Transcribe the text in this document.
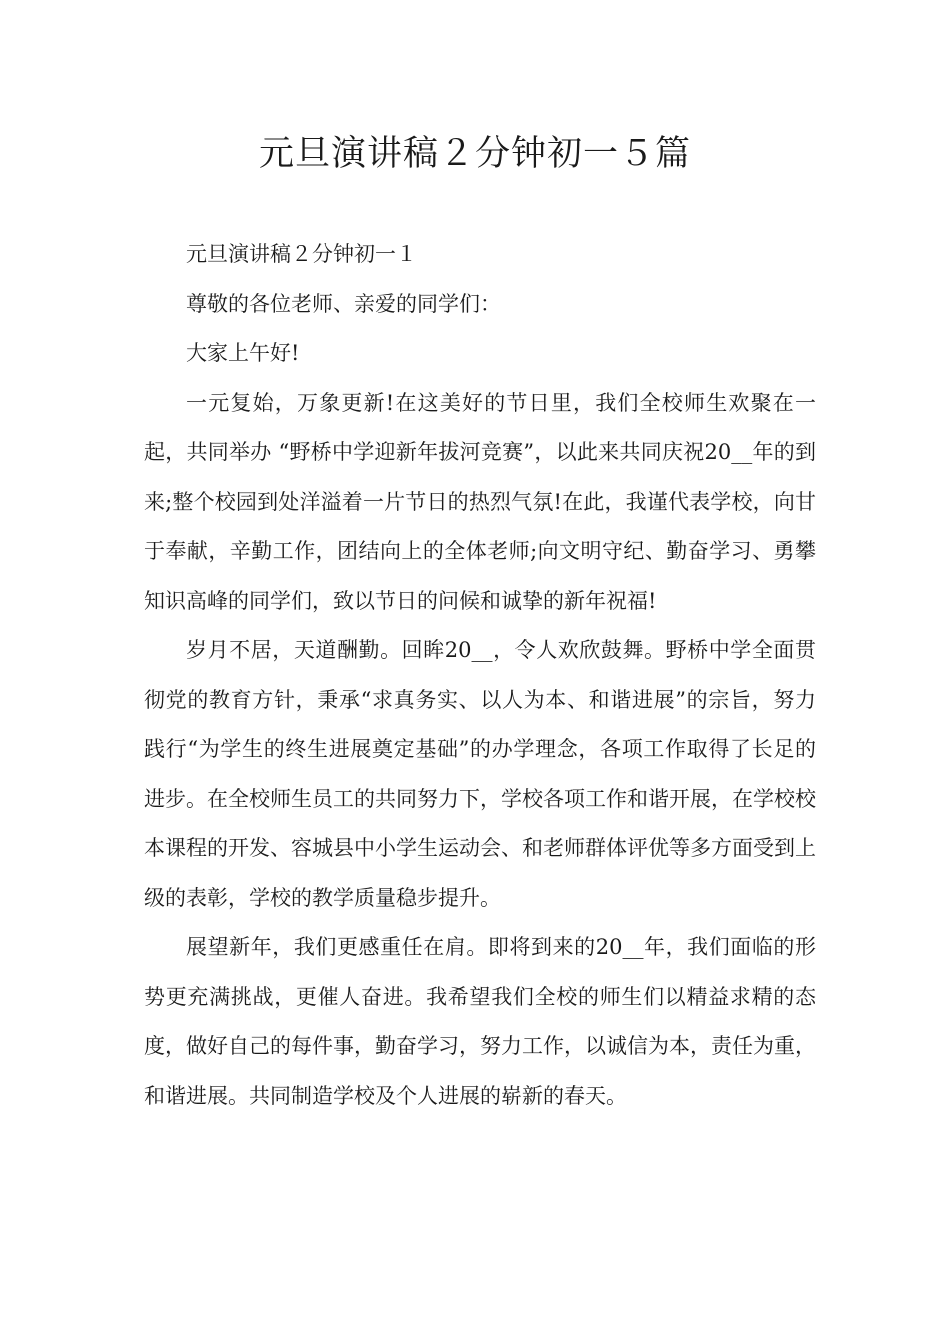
元旦演讲稿２分钟初一５篇

元旦演讲稿２分钟初一１

尊敬的各位老师、亲爱的同学们：

大家上午好!

一元复始，万象更新!在这美好的节日里，我们全校师生欢聚在一起，共同举办 “野桥中学迎新年拔河竞赛”，以此来共同庆祝20__年的到来;整个校园到处洋溢着一片节日的热烈气氛!在此，我谨代表学校，向甘于奉献，辛勤工作，团结向上的全体老师;向文明守纪、勤奋学习、勇攀知识高峰的同学们，致以节日的问候和诚挚的新年祝福!

岁月不居，天道酬勤。回眸20__，令人欢欣鼓舞。野桥中学全面贯彻党的教育方针，秉承“求真务实、以人为本、和谐进展”的宗旨，努力践行“为学生的终生进展奠定基础”的办学理念，各项工作取得了长足的进步。在全校师生员工的共同努力下，学校各项工作和谐开展，在学校校本课程的开发、容城县中小学生运动会、和老师群体评优等多方面受到上级的表彰，学校的教学质量稳步提升。

展望新年，我们更感重任在肩。即将到来的20__年，我们面临的形势更充满挑战，更催人奋进。我希望我们全校的师生们以精益求精的态度，做好自己的每件事，勤奋学习，努力工作，以诚信为本，责任为重，和谐进展。共同制造学校及个人进展的崭新的春天。
